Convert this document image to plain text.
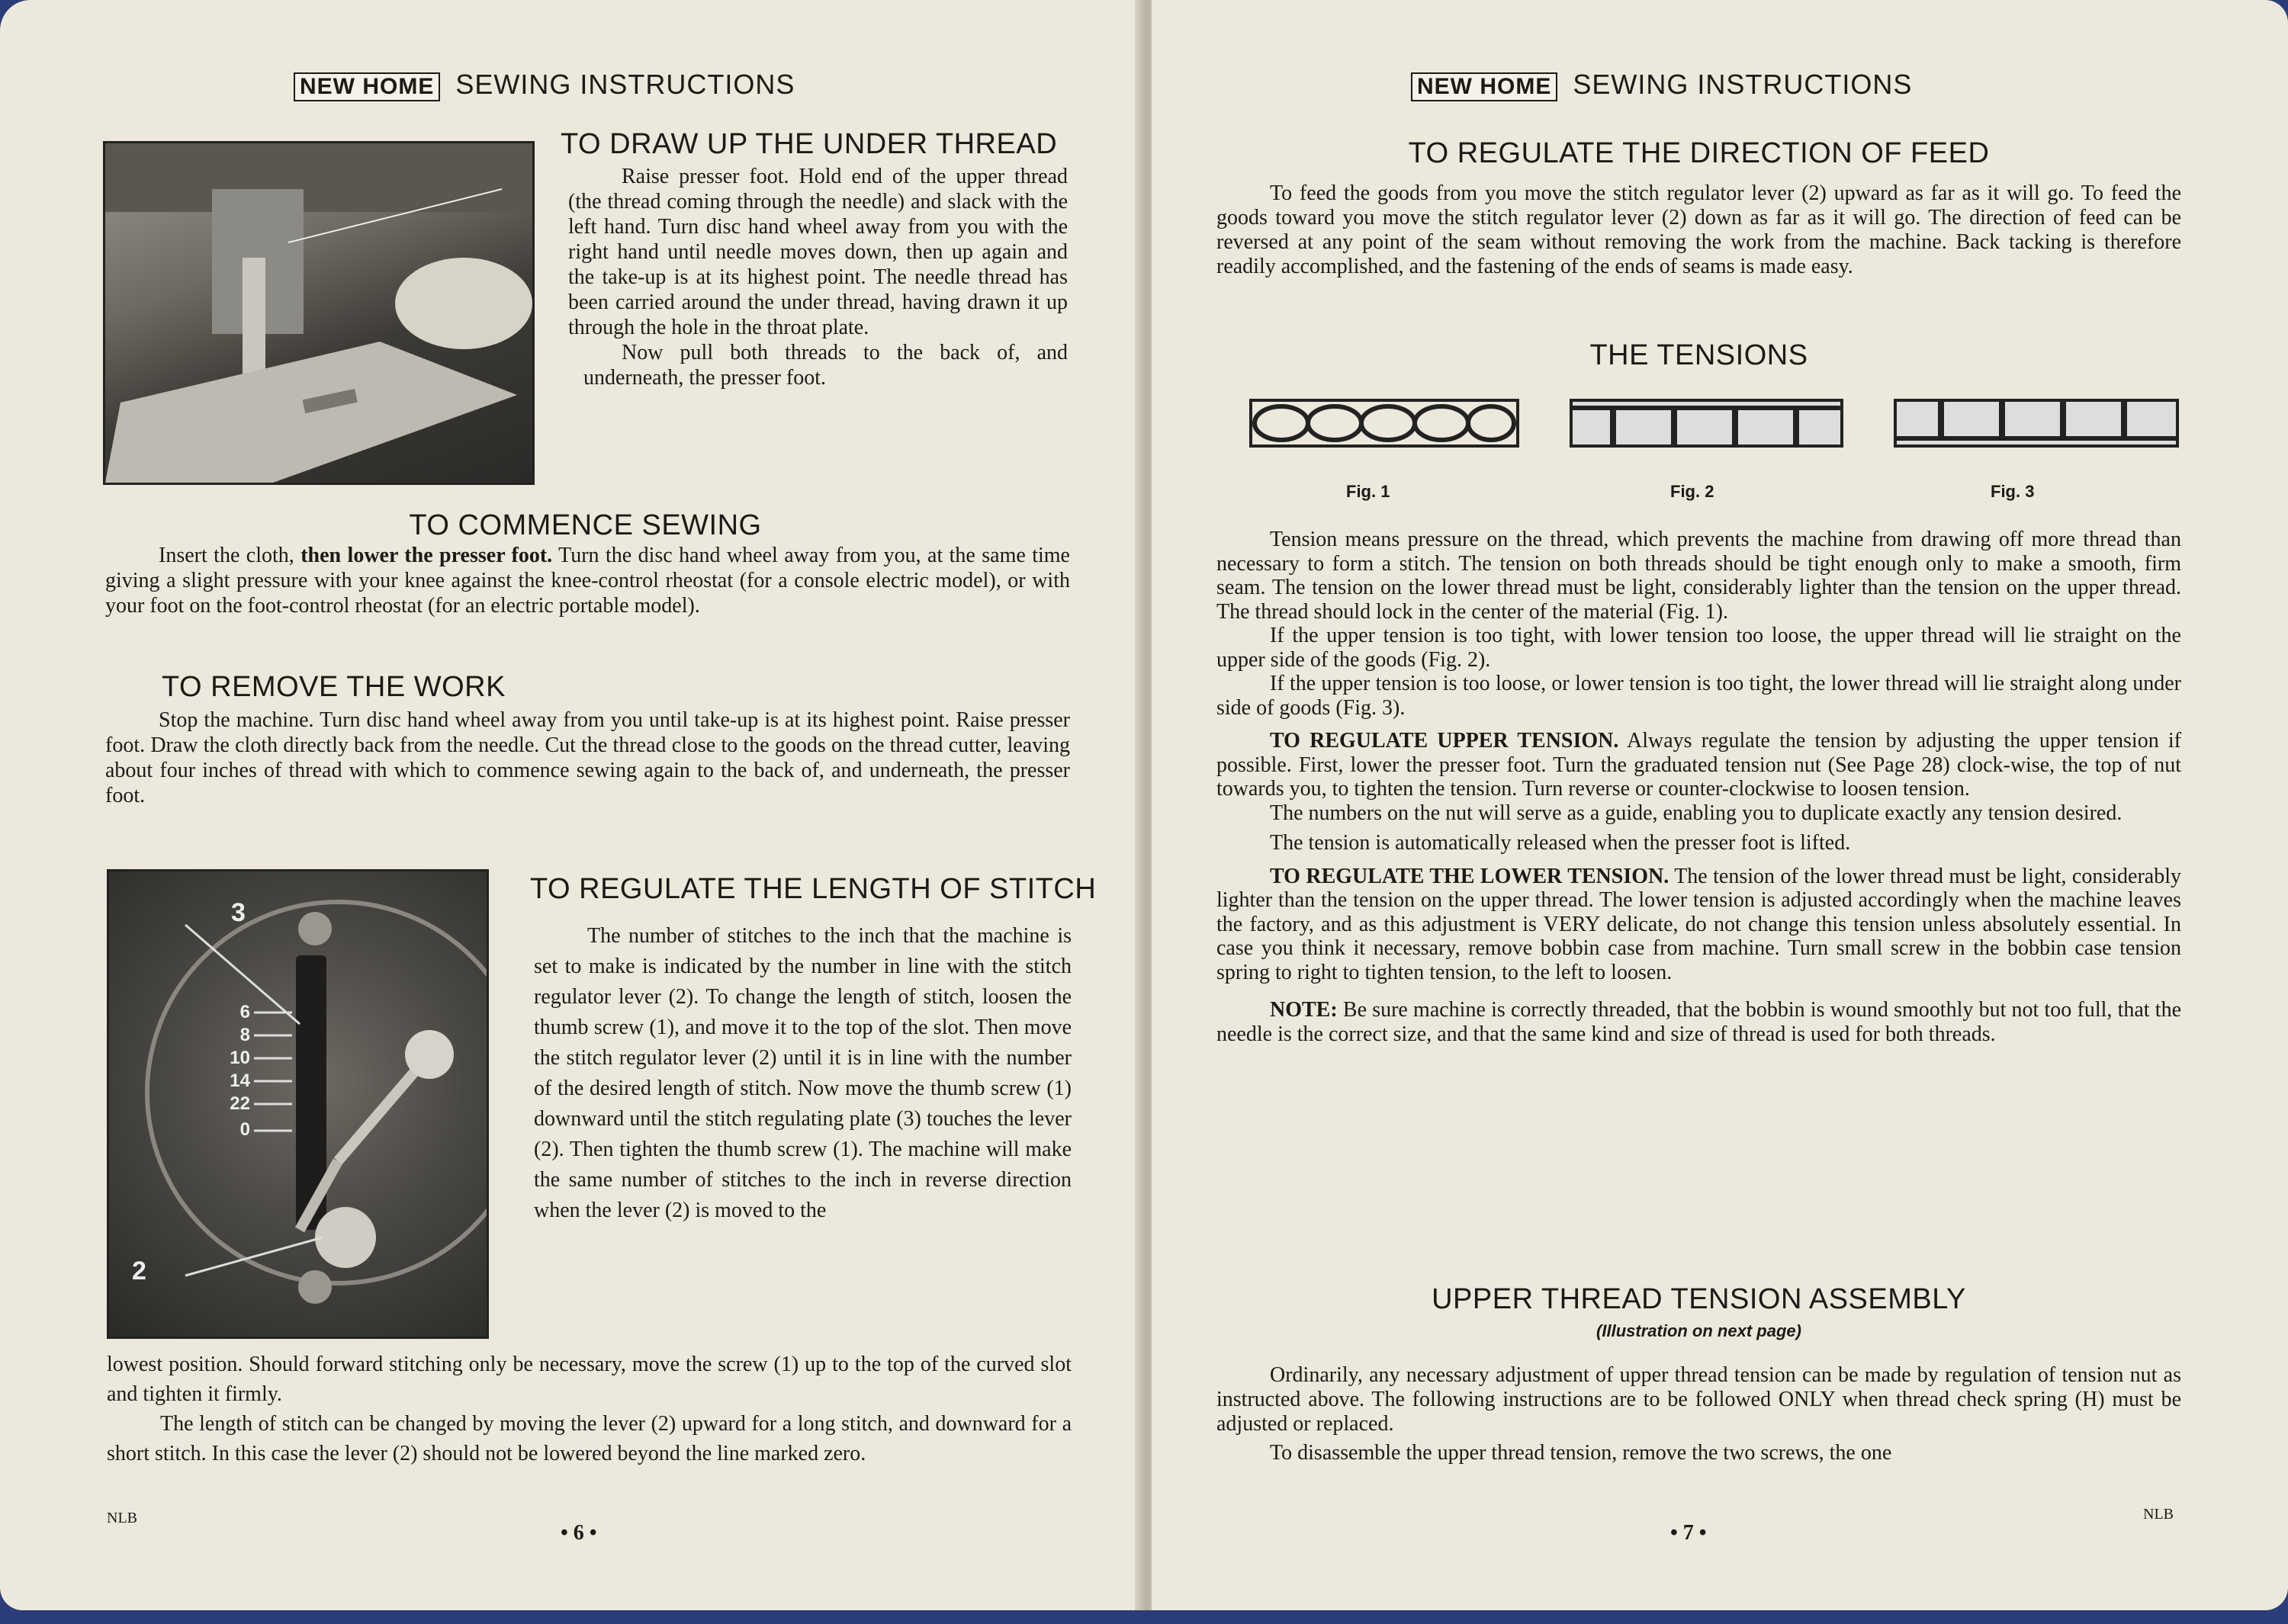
NEW HOME SEWING INSTRUCTIONS
TO DRAW UP THE UNDER THREAD

Raise presser foot. Hold end of the upper thread (the thread coming through the needle) and slack with the left hand. Turn disc hand wheel away from you with the right hand until needle moves down, then up again and the take-up is at its highest point. The needle thread has been carried around the under thread, having drawn it up through the hole in the throat plate.

Now pull both threads to the back of, and underneath, the presser foot.

TO COMMENCE SEWING

Insert the cloth, then lower the presser foot. Turn the disc hand wheel away from you, at the same time giving a slight pressure with your knee against the knee-control rheostat (for a console electric model), or with your foot on the foot-control rheostat (for an electric portable model).

TO REMOVE THE WORK

Stop the machine. Turn disc hand wheel away from you until take-up is at its highest point. Raise presser foot. Draw the cloth directly back from the needle. Cut the thread close to the goods on the thread cutter, leaving about four inches of thread with which to commence sewing again to the back of, and underneath, the presser foot.

3
2
6
8
10
14
22
0
TO REGULATE THE LENGTH OF STITCH

The number of stitches to the inch that the machine is set to make is indicated by the number in line with the stitch regulator lever (2). To change the length of stitch, loosen the thumb screw (1), and move it to the top of the slot. Then move the stitch regulator lever (2) until it is in line with the number of the desired length of stitch. Now move the thumb screw (1) downward until the stitch regulating plate (3) touches the lever (2). Then tighten the thumb screw (1). The machine will make the same number of stitches to the inch in reverse direction when the lever (2) is moved to the

lowest position. Should forward stitching only be necessary, move the screw (1) up to the top of the curved slot and tighten it firmly.

The length of stitch can be changed by moving the lever (2) upward for a long stitch, and downward for a short stitch. In this case the lever (2) should not be lowered beyond the line marked zero.

NLB
• 6 •
NEW HOME SEWING INSTRUCTIONS
TO REGULATE THE DIRECTION OF FEED

To feed the goods from you move the stitch regulator lever (2) upward as far as it will go. To feed the goods toward you move the stitch regulator lever (2) down as far as it will go. The direction of feed can be reversed at any point of the seam without removing the work from the machine. Back tacking is therefore readily accomplished, and the fastening of the ends of seams is made easy.

THE TENSIONS
Fig. 1	Fig. 2	Fig. 3

Tension means pressure on the thread, which prevents the machine from drawing off more thread than necessary to form a stitch. The tension on both threads should be tight enough only to make a smooth, firm seam. The tension on the lower thread must be light, considerably lighter than the tension on the upper thread. The thread should lock in the center of the material (Fig. 1).

If the upper tension is too tight, with lower tension too loose, the upper thread will lie straight on the upper side of the goods (Fig. 2).

If the upper tension is too loose, or lower tension is too tight, the lower thread will lie straight along under side of goods (Fig. 3).

TO REGULATE UPPER TENSION. Always regulate the tension by adjusting the upper tension if possible. First, lower the presser foot. Turn the graduated tension nut (See Page 28) clock-wise, the top of nut towards you, to tighten the tension. Turn reverse or counter-clockwise to loosen tension.

The numbers on the nut will serve as a guide, enabling you to duplicate exactly any tension desired.

The tension is automatically released when the presser foot is lifted.

TO REGULATE THE LOWER TENSION. The tension of the lower thread must be light, considerably lighter than the tension on the upper thread. The lower tension is adjusted accordingly when the machine leaves the factory, and as this adjustment is VERY delicate, do not change this tension unless absolutely essential. In case you think it necessary, remove bobbin case from machine. Turn small screw in the bobbin case tension spring to right to tighten tension, to the left to loosen.

NOTE: Be sure machine is correctly threaded, that the bobbin is wound smoothly but not too full, that the needle is the correct size, and that the same kind and size of thread is used for both threads.

UPPER THREAD TENSION ASSEMBLY
(Illustration on next page)

Ordinarily, any necessary adjustment of upper thread tension can be made by regulation of tension nut as instructed above. The following instructions are to be followed ONLY when thread check spring (H) must be adjusted or replaced.

To disassemble the upper thread tension, remove the two screws, the one

• 7 •
NLB
